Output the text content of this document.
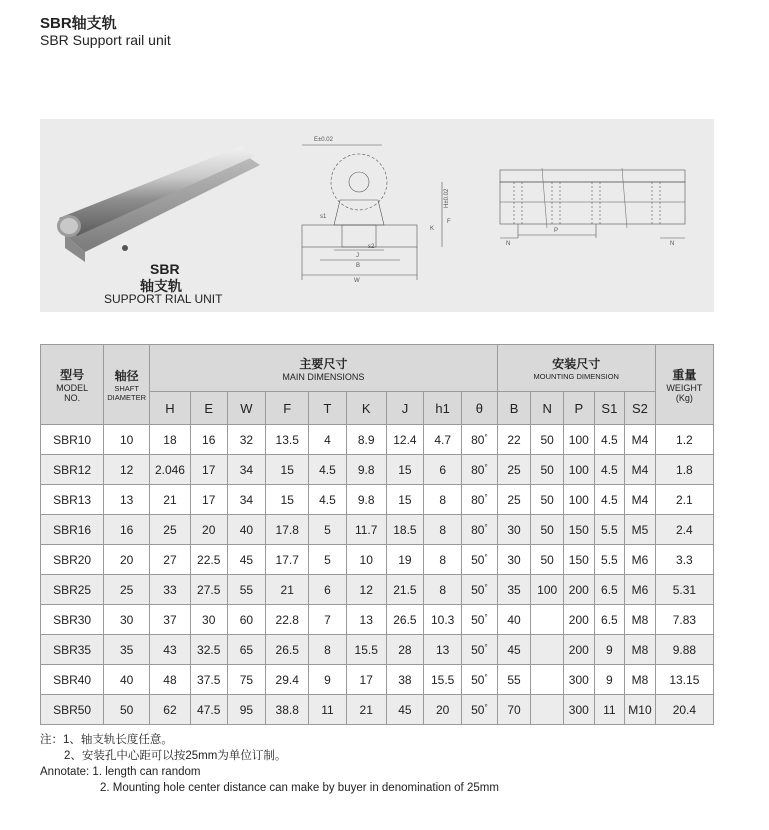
SBR轴支轨
SBR Support rail unit
SBR
轴支轨
SUPPORT RIAL UNIT
E±0.02
W
B
J
s1
s2
H±0.02
K
F
P
N	N
型号
MODEL
NO.	轴径
SHAFT
DIAMETER	主要尺寸
MAIN DIMENSIONS									安装尺寸
MOUNTING DIMENSION					重量
WEIGHT
(Kg)

		H	E	W	F	T	K	J	h1	θ	B	N	P	S1	S2	
SBR10	10	18	16	32	13.5	4	8.9	12.4	4.7	80°	22	50	100	4.5	M4	1.2
SBR12	12	2.046	17	34	15	4.5	9.8	15	6	80°	25	50	100	4.5	M4	1.8
SBR13	13	21	17	34	15	4.5	9.8	15	8	80°	25	50	100	4.5	M4	2.1
SBR16	16	25	20	40	17.8	5	11.7	18.5	8	80°	30	50	150	5.5	M5	2.4
SBR20	20	27	22.5	45	17.7	5	10	19	8	50°	30	50	150	5.5	M6	3.3
SBR25	25	33	27.5	55	21	6	12	21.5	8	50°	35	100	200	6.5	M6	5.31
SBR30	30	37	30	60	22.8	7	13	26.5	10.3	50°	40		200	6.5	M8	7.83
SBR35	35	43	32.5	65	26.5	8	15.5	28	13	50°	45		200	9	M8	9.88
SBR40	40	48	37.5	75	29.4	9	17	38	15.5	50°	55		300	9	M8	13.15
SBR50	50	62	47.5	95	38.8	11	21	45	20	50°	70		300	11	M10	20.4
注：1、轴支轨长度任意。
2、安装孔中心距可以按25mm为单位订制。
Annotate: 1. length can random
2. Mounting hole center distance can make by buyer in denomination of 25mm
